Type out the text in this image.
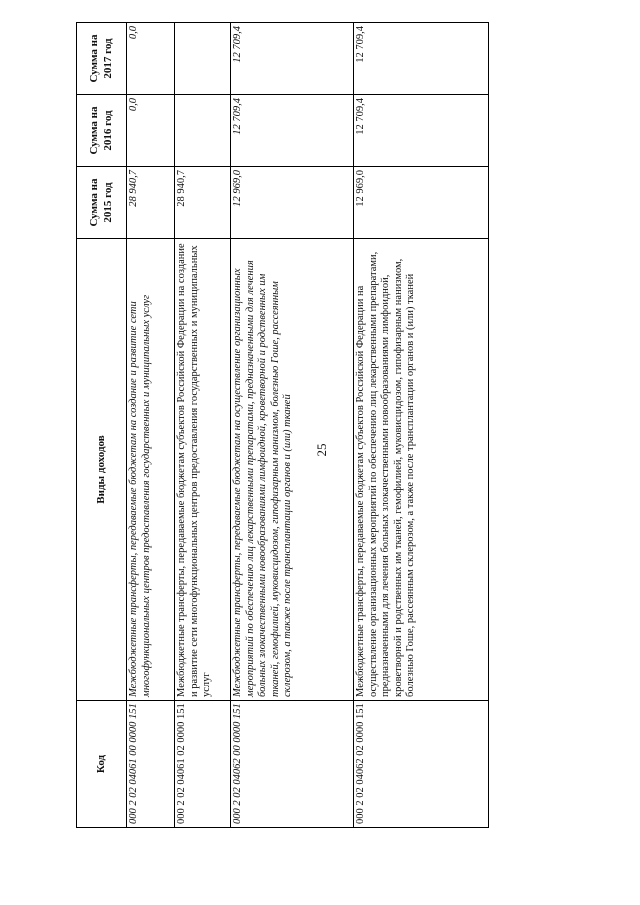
25
Код	Виды доходов	Сумма на 2015 год	Сумма на 2016 год	Сумма на 2017 год
000 2 02 04061 00 0000 151	Межбюджетные трансферты, передаваемые бюджетам на создание и развитие сети многофункциональных центров предоставления государственных и муниципальных услуг	28 940,7	0,0	0,0
000 2 02 04061 02 0000 151	Межбюджетные трансферты, передаваемые бюджетам субъектов Российской Федерации на создание и развитие сети многофункциональных центров предоставления государственных и муниципальных услуг	28 940,7		
000 2 02 04062 00 0000 151	Межбюджетные трансферты, передаваемые бюджетам на осуществление организационных мероприятий по обеспечению лиц лекарственными препаратами, предназначенными для лечения больных злокачественными новообразованиями лимфоидной, кроветворной и родственных им тканей, гемофилией, муковисцидозом, гипофизарным нанизмом, болезнью Гоше, рассеянным склерозом, а также после трансплантации органов и (или) тканей	12 969,0	12 709,4	12 709,4
000 2 02 04062 02 0000 151	Межбюджетные трансферты, передаваемые бюджетам субъектов Российской Федерации на осуществление организационных мероприятий по обеспечению лиц лекарственными препаратами, предназначенными для лечения больных злокачественными новообразованиями лимфоидной, кроветворной и родственных им тканей, гемофилией, муковисцидозом, гипофизарным нанизмом, болезнью Гоше, рассеянным склерозом, а также после трансплантации органов и (или) тканей	12 969,0	12 709,4	12 709,4
